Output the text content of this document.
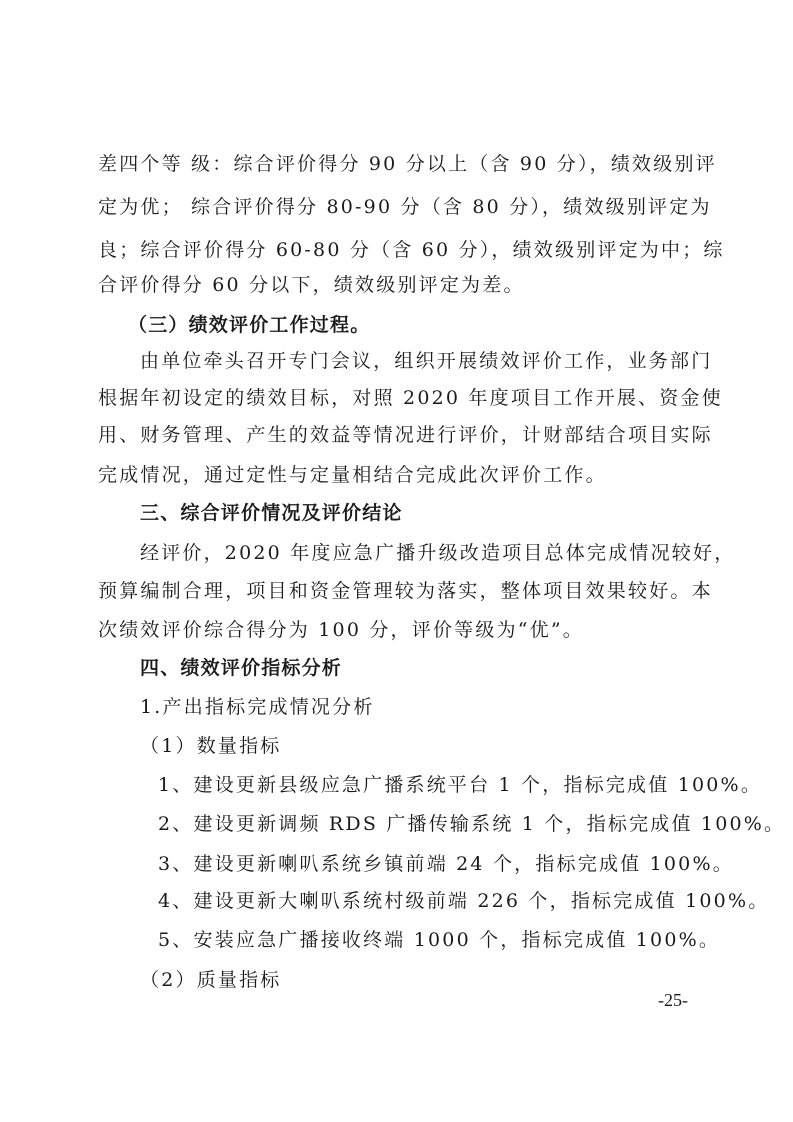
差四个等 级：综合评价得分 90 分以上（含 90 分），绩效级别评
定为优； 综合评价得分 80-90 分（含 80 分），绩效级别评定为
良；综合评价得分 60-80 分（含 60 分），绩效级别评定为中；综
合评价得分 60 分以下，绩效级别评定为差。
（三）绩效评价工作过程。
由单位牵头召开专门会议，组织开展绩效评价工作，业务部门
根据年初设定的绩效目标，对照 2020 年度项目工作开展、资金使
用、财务管理、产生的效益等情况进行评价，计财部结合项目实际
完成情况，通过定性与定量相结合完成此次评价工作。
三、综合评价情况及评价结论
经评价，2020 年度应急广播升级改造项目总体完成情况较好，
预算编制合理，项目和资金管理较为落实，整体项目效果较好。本
次绩效评价综合得分为 100 分，评价等级为“优”。
四、绩效评价指标分析
1.产出指标完成情况分析
（1）数量指标
1、建设更新县级应急广播系统平台 1 个，指标完成值 100%。
2、建设更新调频 RDS 广播传输系统 1 个，指标完成值 100%。
3、建设更新喇叭系统乡镇前端 24 个，指标完成值 100%。
4、建设更新大喇叭系统村级前端 226 个，指标完成值 100%。
5、安装应急广播接收终端 1000 个，指标完成值 100%。
（2）质量指标
-25-
